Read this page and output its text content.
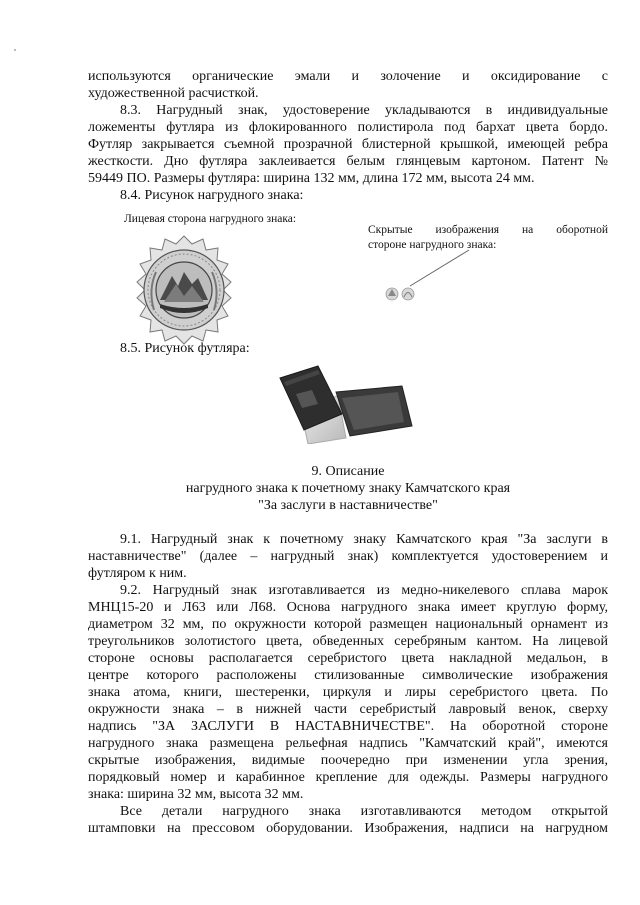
используются органические эмали и золочение и оксидирование с
художественной расчисткой.
8.3. Нагрудный знак, удостоверение укладываются в индивидуальные
ложементы футляра из флокированного полистирола под бархат цвета бордо.
Футляр закрывается съемной прозрачной блистерной крышкой, имеющей ребра
жесткости. Дно футляра заклеивается белым глянцевым картоном. Патент №
59449 ПО. Размеры футляра: ширина 132 мм, длина 172 мм, высота 24 мм.
8.4. Рисунок нагрудного знака:
Лицевая сторона нагрудного знака:
Скрытые изображения на оборотной
стороне нагрудного знака:
8.5. Рисунок футляра:
9. Описание
нагрудного знака к почетному знаку Камчатского края
"За заслуги в наставничестве"
9.1. Нагрудный знак к почетному знаку Камчатского края "За заслуги в
наставничестве" (далее – нагрудный знак) комплектуется удостоверением и
футляром к ним.
9.2. Нагрудный знак изготавливается из медно-никелевого сплава марок
МНЦ15-20 и Л63 или Л68. Основа нагрудного знака имеет круглую форму,
диаметром 32 мм, по окружности которой размещен национальный орнамент из
треугольников золотистого цвета, обведенных серебряным кантом. На лицевой
стороне основы располагается серебристого цвета накладной медальон, в
центре которого расположены стилизованные символические изображения
знака атома, книги, шестеренки, циркуля и лиры серебристого цвета. По
окружности знака – в нижней части серебристый лавровый венок, сверху
надпись "ЗА ЗАСЛУГИ В НАСТАВНИЧЕСТВЕ". На оборотной стороне
нагрудного знака размещена рельефная надпись "Камчатский край", имеются
скрытые изображения, видимые поочередно при изменении угла зрения,
порядковый номер и карабинное крепление для одежды. Размеры нагрудного
знака: ширина 32 мм, высота 32 мм.
Все детали нагрудного знака изготавливаются методом открытой
штамповки на прессовом оборудовании. Изображения, надписи на нагрудном
